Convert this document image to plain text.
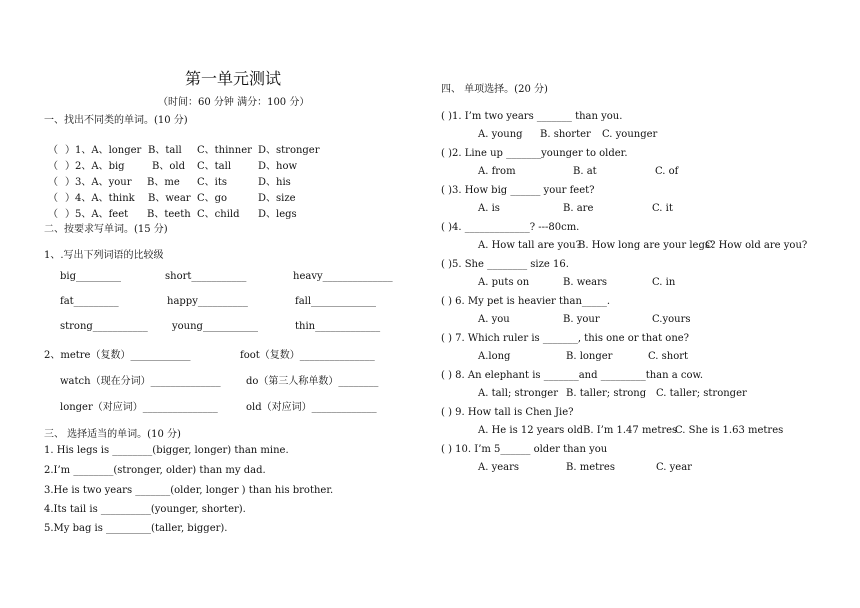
第一单元测试
（时间：60 分钟 满分：100 分）
一、找出不同类的单词。(10 分)
（ ）1、A、longer B、tall C、thinner D、stronger
（ ）2、A、big	B、old C、tall	D、how
（ ）3、A、your B、me C、its	D、his
（ ）4、A、think B、wear C、go	D、size
（ ）5、A、feet B、teeth C、child D、legs
二、按要求写单词。(15 分)
1、.写出下列词语的比较级
big_________	short___________	heavy______________
fat_________	happy__________	fall_____________
strong___________ young___________	thin_____________
2、metre（复数）____________	foot（复数）_______________
watch（现在分词）______________	do（第三人称单数）________
longer（对应词）_______________	old（对应词）_____________
三、 选择适当的单词。(10 分)
1. His legs is ________(bigger, longer) than mine.
2.I’m ________(stronger, older) than my dad.
3.He is two years _______(older, longer ) than his brother.
4.Its tail is __________(younger, shorter).
5.My bag is _________(taller, bigger).
四、 单项选择。(20 分)
( )1. I’m two years _______ than you.
A. young B. shorter C. younger
( )2. Line up _______younger to older.
A. from	B. at	C. of
( )3. How big ______ your feet?
A. is	B. are	C. it
( )4. _____________? ---80cm.
A. How tall are you?
B. How long are your legs?
C. How old are you?
( )5. She ________ size 16.
A. puts on	B. wears	C. in
( ) 6. My pet is heavier than_____.
A. you	B. your	C.yours
( ) 7. Which ruler is _______, this one or that one?
A.long	B. longer	C. short
( ) 8. An elephant is _______and _________than a cow.
A. tall; stronger B. taller; strong C. taller; stronger
( ) 9. How tall is Chen Jie?
A. He is 12 years old B. I’m 1.47 metres
C. She is 1.63 metres
( ) 10. I’m 5______ older than you
A. years	B. metres	C. year
